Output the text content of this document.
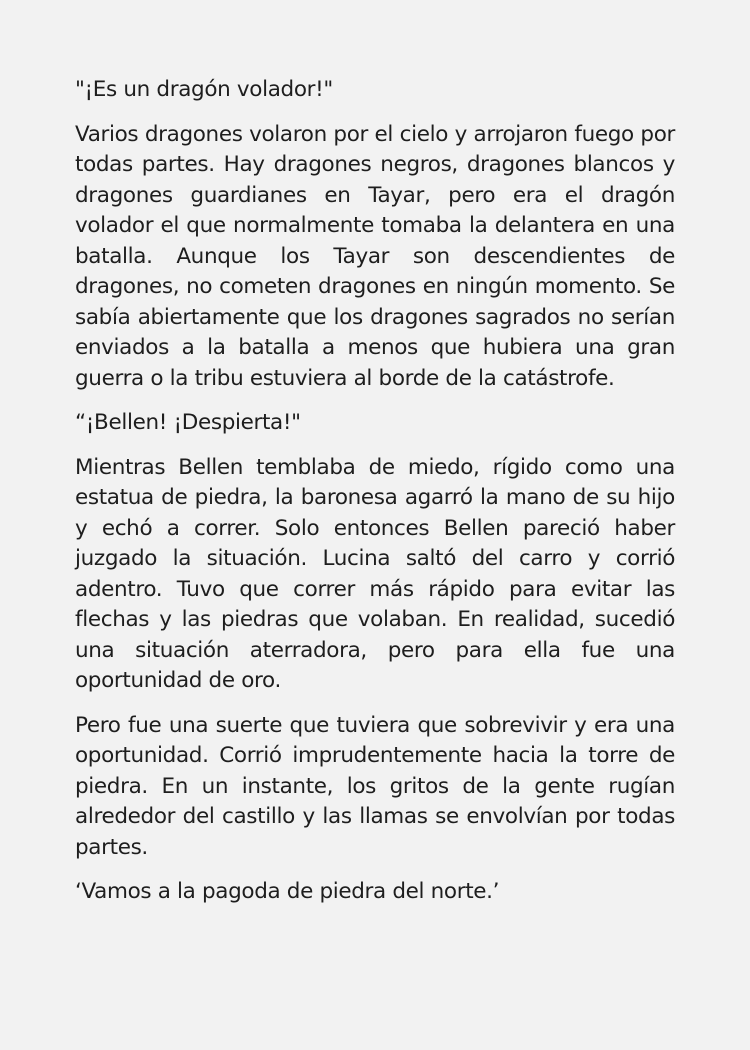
"¡Es un dragón volador!"

Varios dragones volaron por el cielo y arrojaron fuego por todas partes. Hay dragones negros, dragones blancos y dragones guardianes en Tayar, pero era el dragón volador el que normalmente tomaba la delantera en una batalla. Aunque los Tayar son descendientes de dragones, no cometen dragones en ningún momento. Se sabía abiertamente que los dragones sagrados no serían enviados a la batalla a menos que hubiera una gran guerra o la tribu estuviera al borde de la catástrofe.

“¡Bellen! ¡Despierta!"

Mientras Bellen temblaba de miedo, rígido como una estatua de piedra, la baronesa agarró la mano de su hijo y echó a correr. Solo entonces Bellen pareció haber juzgado la situación. Lucina saltó del carro y corrió adentro. Tuvo que correr más rápido para evitar las flechas y las piedras que volaban. En realidad, sucedió una situación aterradora, pero para ella fue una oportunidad de oro.

Pero fue una suerte que tuviera que sobrevivir y era una oportunidad. Corrió imprudentemente hacia la torre de piedra. En un instante, los gritos de la gente rugían alrededor del castillo y las llamas se envolvían por todas partes.

‘Vamos a la pagoda de piedra del norte.’
